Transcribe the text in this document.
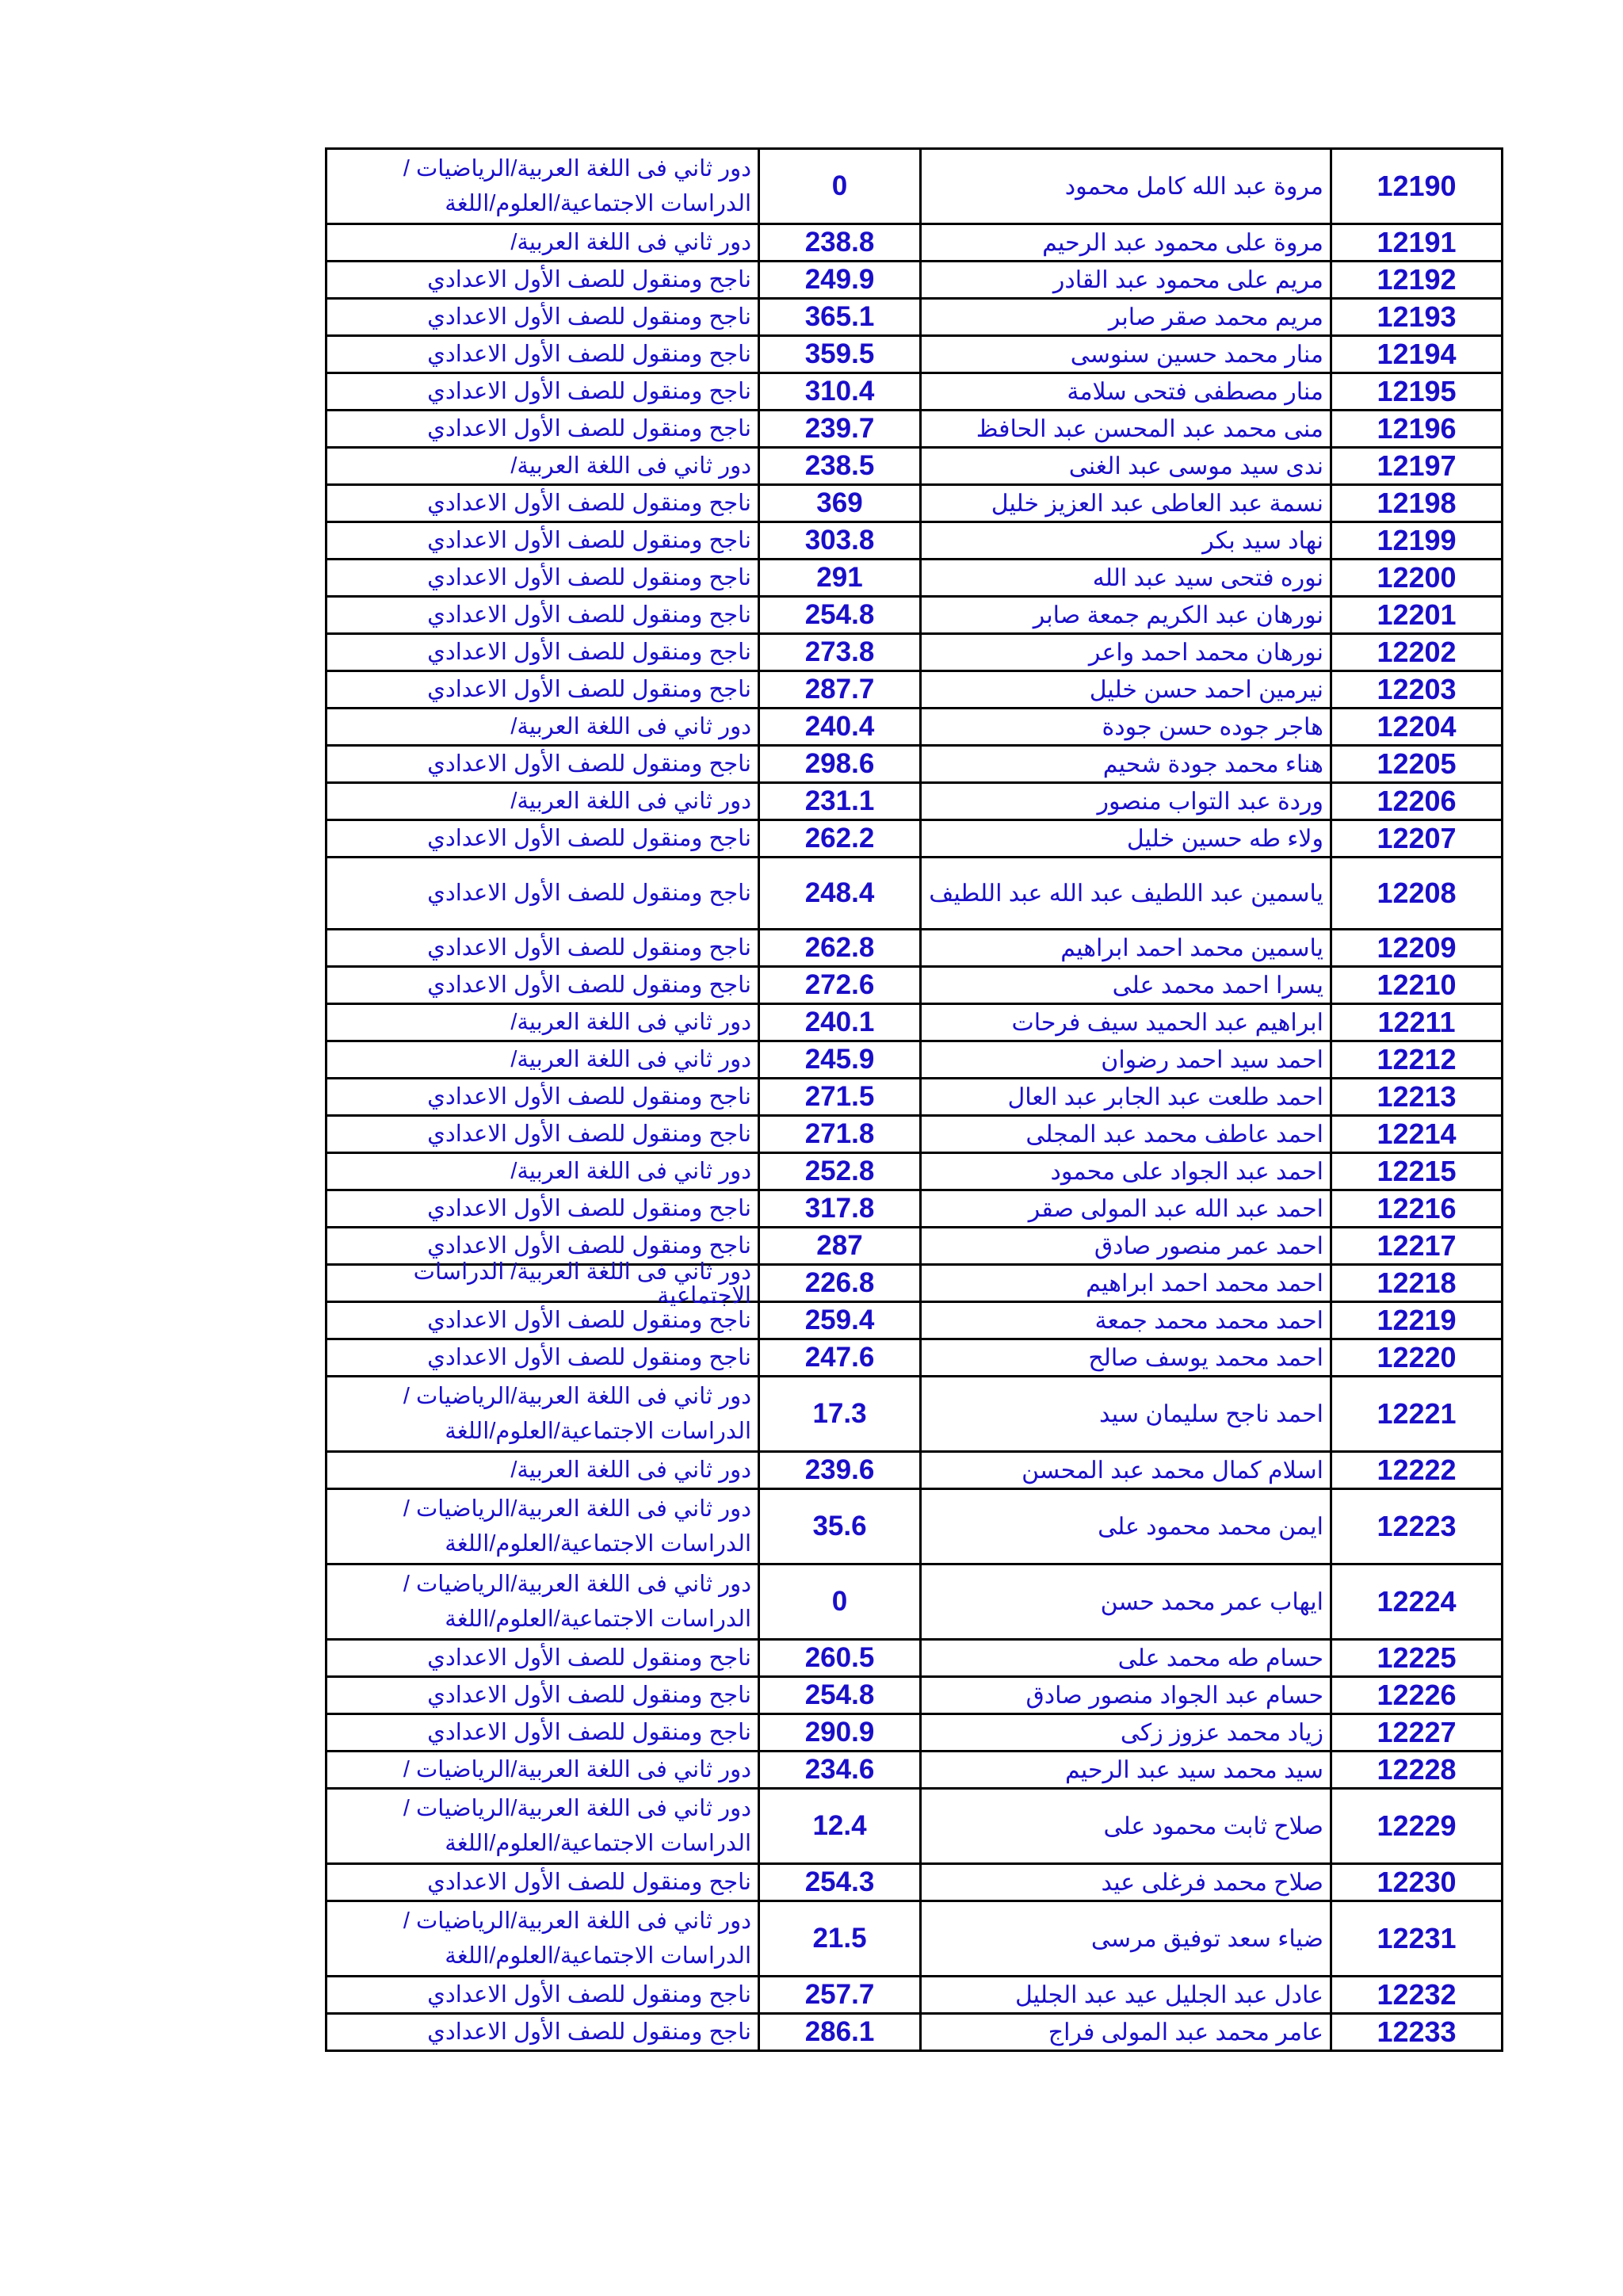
12190	مروة عبد الله كامل محمود	0	دور ثاني فى اللغة العربية/الرياضيات / الدراسات الاجتماعية/العلوم/اللغة
12191	مروة على محمود عبد الرحيم	238.8	دور ثاني فى اللغة العربية/
12192	مريم على محمود عبد القادر	249.9	ناجح ومنقول للصف الأول الاعدادي
12193	مريم محمد صقر صابر	365.1	ناجح ومنقول للصف الأول الاعدادي
12194	منار محمد حسين سنوسى	359.5	ناجح ومنقول للصف الأول الاعدادي
12195	منار مصطفى فتحى سلامة	310.4	ناجح ومنقول للصف الأول الاعدادي
12196	منى محمد عبد المحسن عبد الحافظ	239.7	ناجح ومنقول للصف الأول الاعدادي
12197	ندى سيد موسى عبد الغنى	238.5	دور ثاني فى اللغة العربية/
12198	نسمة عبد العاطى عبد العزيز خليل	369	ناجح ومنقول للصف الأول الاعدادي
12199	نهاد سيد بكر	303.8	ناجح ومنقول للصف الأول الاعدادي
12200	نوره فتحى سيد عبد الله	291	ناجح ومنقول للصف الأول الاعدادي
12201	نورهان عبد الكريم جمعة صابر	254.8	ناجح ومنقول للصف الأول الاعدادي
12202	نورهان محمد احمد واعر	273.8	ناجح ومنقول للصف الأول الاعدادي
12203	نيرمين احمد حسن خليل	287.7	ناجح ومنقول للصف الأول الاعدادي
12204	هاجر جوده حسن جودة	240.4	دور ثاني فى اللغة العربية/
12205	هناء محمد جودة شحيم	298.6	ناجح ومنقول للصف الأول الاعدادي
12206	وردة عبد التواب منصور	231.1	دور ثاني فى اللغة العربية/
12207	ولاء طه حسين خليل	262.2	ناجح ومنقول للصف الأول الاعدادي
12208	ياسمين عبد اللطيف عبد الله عبد اللطيف	248.4	ناجح ومنقول للصف الأول الاعدادي
12209	ياسمين محمد احمد ابراهيم	262.8	ناجح ومنقول للصف الأول الاعدادي
12210	يسرا احمد محمد على	272.6	ناجح ومنقول للصف الأول الاعدادي
12211	ابراهيم عبد الحميد سيف فرحات	240.1	دور ثاني فى اللغة العربية/
12212	احمد سيد احمد رضوان	245.9	دور ثاني فى اللغة العربية/
12213	احمد طلعت عبد الجابر عبد العال	271.5	ناجح ومنقول للصف الأول الاعدادي
12214	احمد عاطف محمد عبد المجلى	271.8	ناجح ومنقول للصف الأول الاعدادي
12215	احمد عبد الجواد على محمود	252.8	دور ثاني فى اللغة العربية/
12216	احمد عبد الله عبد المولى صقر	317.8	ناجح ومنقول للصف الأول الاعدادي
12217	احمد عمر منصور صادق	287	ناجح ومنقول للصف الأول الاعدادي
12218	احمد محمد احمد ابراهيم	226.8	دور ثاني فى اللغة العربية/ الدراسات الاجتماعية

12219	احمد محمد محمد جمعة	259.4	ناجح ومنقول للصف الأول الاعدادي
12220	احمد محمد يوسف صالح	247.6	ناجح ومنقول للصف الأول الاعدادي
12221	احمد ناجح سليمان سيد	17.3	دور ثاني فى اللغة العربية/الرياضيات / الدراسات الاجتماعية/العلوم/اللغة
12222	اسلام كمال محمد عبد المحسن	239.6	دور ثاني فى اللغة العربية/
12223	ايمن محمد محمود على	35.6	دور ثاني فى اللغة العربية/الرياضيات / الدراسات الاجتماعية/العلوم/اللغة
12224	ايهاب عمر محمد حسن	0	دور ثاني فى اللغة العربية/الرياضيات / الدراسات الاجتماعية/العلوم/اللغة
12225	حسام طه محمد على	260.5	ناجح ومنقول للصف الأول الاعدادي
12226	حسام عبد الجواد منصور صادق	254.8	ناجح ومنقول للصف الأول الاعدادي
12227	زياد محمد عزوز زكى	290.9	ناجح ومنقول للصف الأول الاعدادي
12228	سيد محمد سيد عبد الرحيم	234.6	دور ثاني فى اللغة العربية/الرياضيات /
12229	صلاح ثابت محمود على	12.4	دور ثاني فى اللغة العربية/الرياضيات / الدراسات الاجتماعية/العلوم/اللغة
12230	صلاح محمد فرغلى عيد	254.3	ناجح ومنقول للصف الأول الاعدادي
12231	ضياء سعد توفيق مرسى	21.5	دور ثاني فى اللغة العربية/الرياضيات / الدراسات الاجتماعية/العلوم/اللغة
12232	عادل عبد الجليل عيد عبد الجليل	257.7	ناجح ومنقول للصف الأول الاعدادي
12233	عامر محمد عبد المولى فراج	286.1	ناجح ومنقول للصف الأول الاعدادي
